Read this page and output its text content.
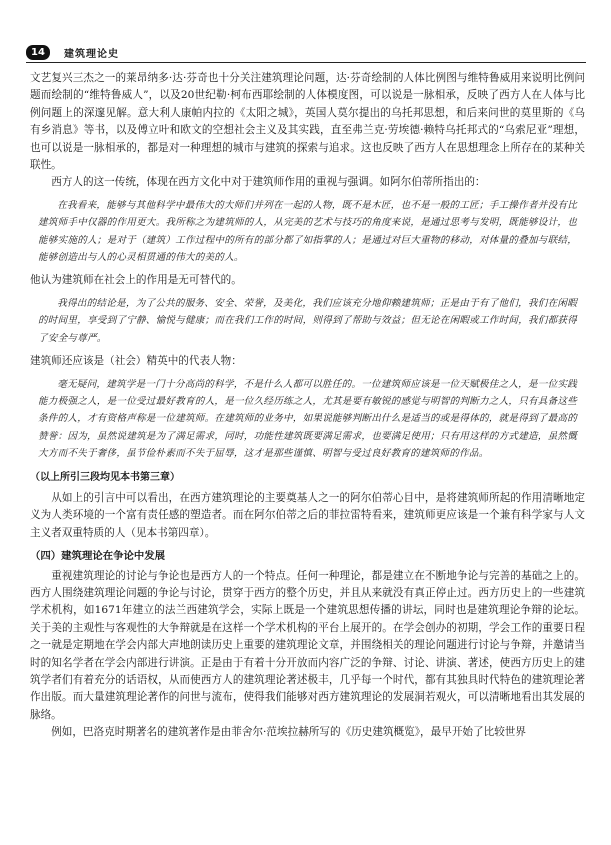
14	建筑理论史

文艺复兴三杰之一的莱昂纳多·达·芬奇也十分关注建筑理论问题，达·芬奇绘制的人体比例图与维特鲁威用来说明比例问题而绘制的“维特鲁威人”，以及20世纪勒·柯布西耶绘制的人体模度图，可以说是一脉相承，反映了西方人在人体与比例问题上的深邃见解。意大利人康帕内拉的《太阳之城》，英国人莫尔提出的乌托邦思想，和后来问世的莫里斯的《乌有乡消息》等书，以及傅立叶和欧文的空想社会主义及其实践，直至弗兰克·劳埃德·赖特乌托邦式的“乌索尼亚”理想，也可以说是一脉相承的，都是对一种理想的城市与建筑的探索与追求。这也反映了西方人在思想理念上所存在的某种关联性。

西方人的这一传统，体现在西方文化中对于建筑师作用的重视与强调。如阿尔伯蒂所指出的：

在我看来，能够与其他科学中最伟大的大师们并列在一起的人物，既不是木匠，也不是一般的工匠；手工操作者并没有比建筑师手中仅器的作用更大。我所称之为建筑师的人，从完美的艺术与技巧的角度来说，是通过思考与发明，既能够设计，也能够实施的人；是对于（建筑）工作过程中的所有的部分都了如指掌的人；是通过对巨大重物的移动，对体量的叠加与联结，能够创造出与人的心灵相贯通的伟大的美的人。

他认为建筑师在社会上的作用是无可替代的。

我得出的结论是，为了公共的服务、安全、荣誉，及美化，我们应该充分地仰赖建筑师；正是由于有了他们，我们在闲暇的时间里，享受到了宁静、愉悦与健康；而在我们工作的时间，则得到了帮助与效益；但无论在闲暇或工作时间，我们都获得了安全与尊严。

建筑师还应该是（社会）精英中的代表人物：

毫无疑问，建筑学是一门十分高尚的科学，不是什么人都可以胜任的。一位建筑师应该是一位天赋极佳之人，是一位实践能力极强之人，是一位受过最好教育的人，是一位久经历练之人，尤其是要有敏锐的感觉与明智的判断力之人，只有具备这些条件的人，才有资格声称是一位建筑师。在建筑师的业务中，如果说能够判断出什么是适当的或是得体的，就是得到了最高的赞誉：因为，虽然说建筑是为了满足需求，同时，功能性建筑既要满足需求，也要满足使用；只有用这样的方式建造，虽然慨大方而不失于奢侈，虽节俭朴素而不失于屈辱，这才是那些谨慎、明智与受过良好教育的建筑师的作品。

（以上所引三段均见本书第三章）

从如上的引言中可以看出，在西方建筑理论的主要奠基人之一的阿尔伯蒂心目中，是将建筑师所起的作用清晰地定义为人类环境的一个富有责任感的塑造者。而在阿尔伯蒂之后的菲拉雷特看来，建筑师更应该是一个兼有科学家与人文主义者双重特质的人（见本书第四章）。

（四）建筑理论在争论中发展

重视建筑理论的讨论与争论也是西方人的一个特点。任何一种理论，都是建立在不断地争论与完善的基础之上的。西方人围绕建筑理论问题的争论与讨论，贯穿于西方的整个历史，并且从来就没有真正停止过。西方历史上的一些建筑学术机构，如1671年建立的法兰西建筑学会，实际上既是一个建筑思想传播的讲坛，同时也是建筑理论争辩的论坛。关于美的主观性与客观性的大争辩就是在这样一个学术机构的平台上展开的。在学会创办的初期，学会工作的重要日程之一就是定期地在学会内部大声地朗读历史上重要的建筑理论文章，并围绕相关的理论问题进行讨论与争辩，并邀请当时的知名学者在学会内部进行讲演。正是由于有着十分开放而内容广泛的争辩、讨论、讲演、著述，使西方历史上的建筑学者们有着充分的话语权，从而使西方人的建筑理论著述极丰，几乎每一个时代，都有其独具时代特色的建筑理论著作出版。而大量建筑理论著作的问世与流布，使得我们能够对西方建筑理论的发展洞若观火，可以清晰地看出其发展的脉络。

例如，巴洛克时期著名的建筑著作是由菲舍尔·范埃拉赫所写的《历史建筑概览》，最早开始了比较世界
